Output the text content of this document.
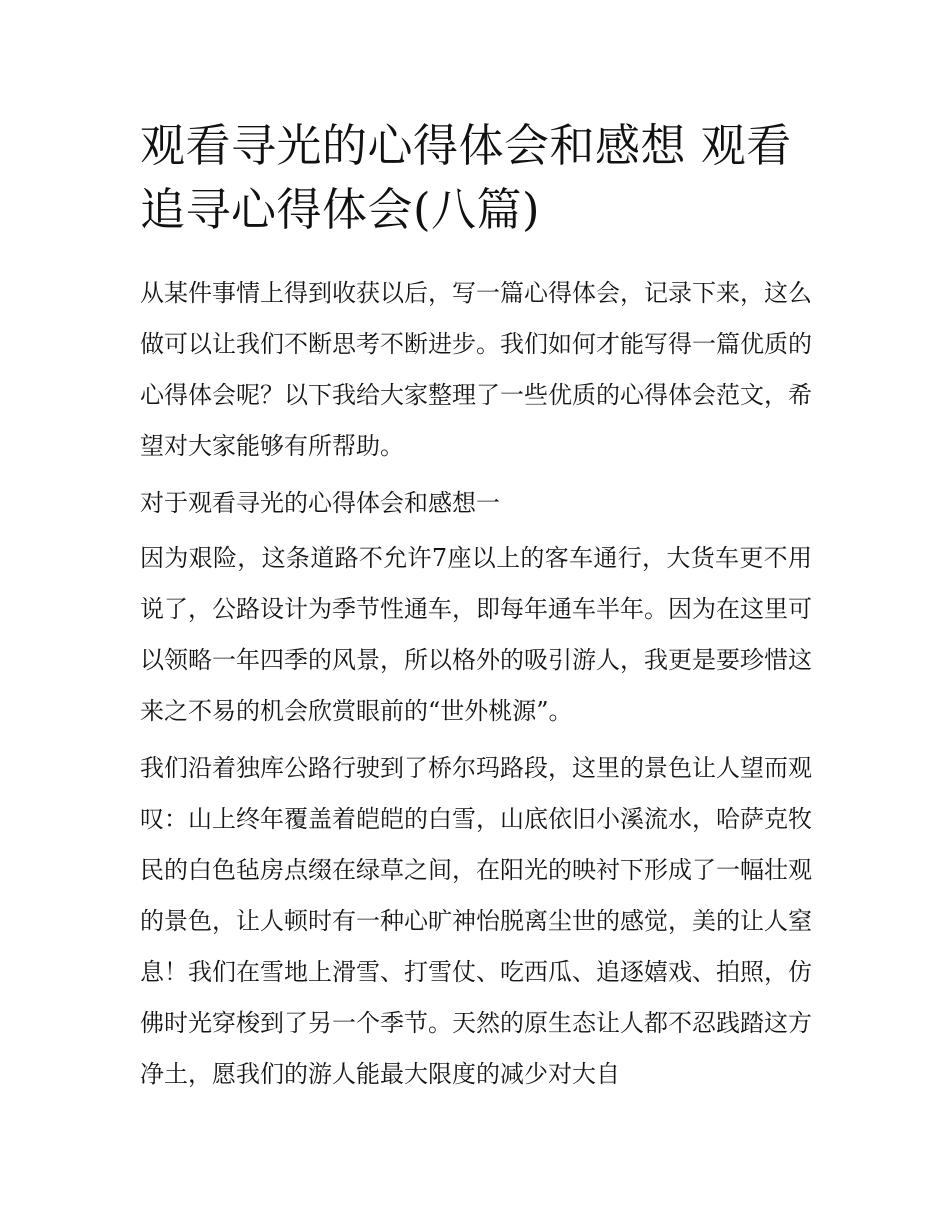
观看寻光的心得体会和感想 观看追寻心得体会(八篇)

从某件事情上得到收获以后，写一篇心得体会，记录下来，这么做可以让我们不断思考不断进步。我们如何才能写得一篇优质的心得体会呢？以下我给大家整理了一些优质的心得体会范文，希望对大家能够有所帮助。

对于观看寻光的心得体会和感想一

因为艰险，这条道路不允许7座以上的客车通行，大货车更不用说了，公路设计为季节性通车，即每年通车半年。因为在这里可以领略一年四季的风景，所以格外的吸引游人，我更是要珍惜这来之不易的机会欣赏眼前的“世外桃源”。

我们沿着独库公路行驶到了桥尔玛路段，这里的景色让人望而观叹：山上终年覆盖着皑皑的白雪，山底依旧小溪流水，哈萨克牧民的白色毡房点缀在绿草之间，在阳光的映衬下形成了一幅壮观的景色，让人顿时有一种心旷神怡脱离尘世的感觉，美的让人窒息！我们在雪地上滑雪、打雪仗、吃西瓜、追逐嬉戏、拍照，仿佛时光穿梭到了另一个季节。天然的原生态让人都不忍践踏这方净土，愿我们的游人能最大限度的减少对大自
